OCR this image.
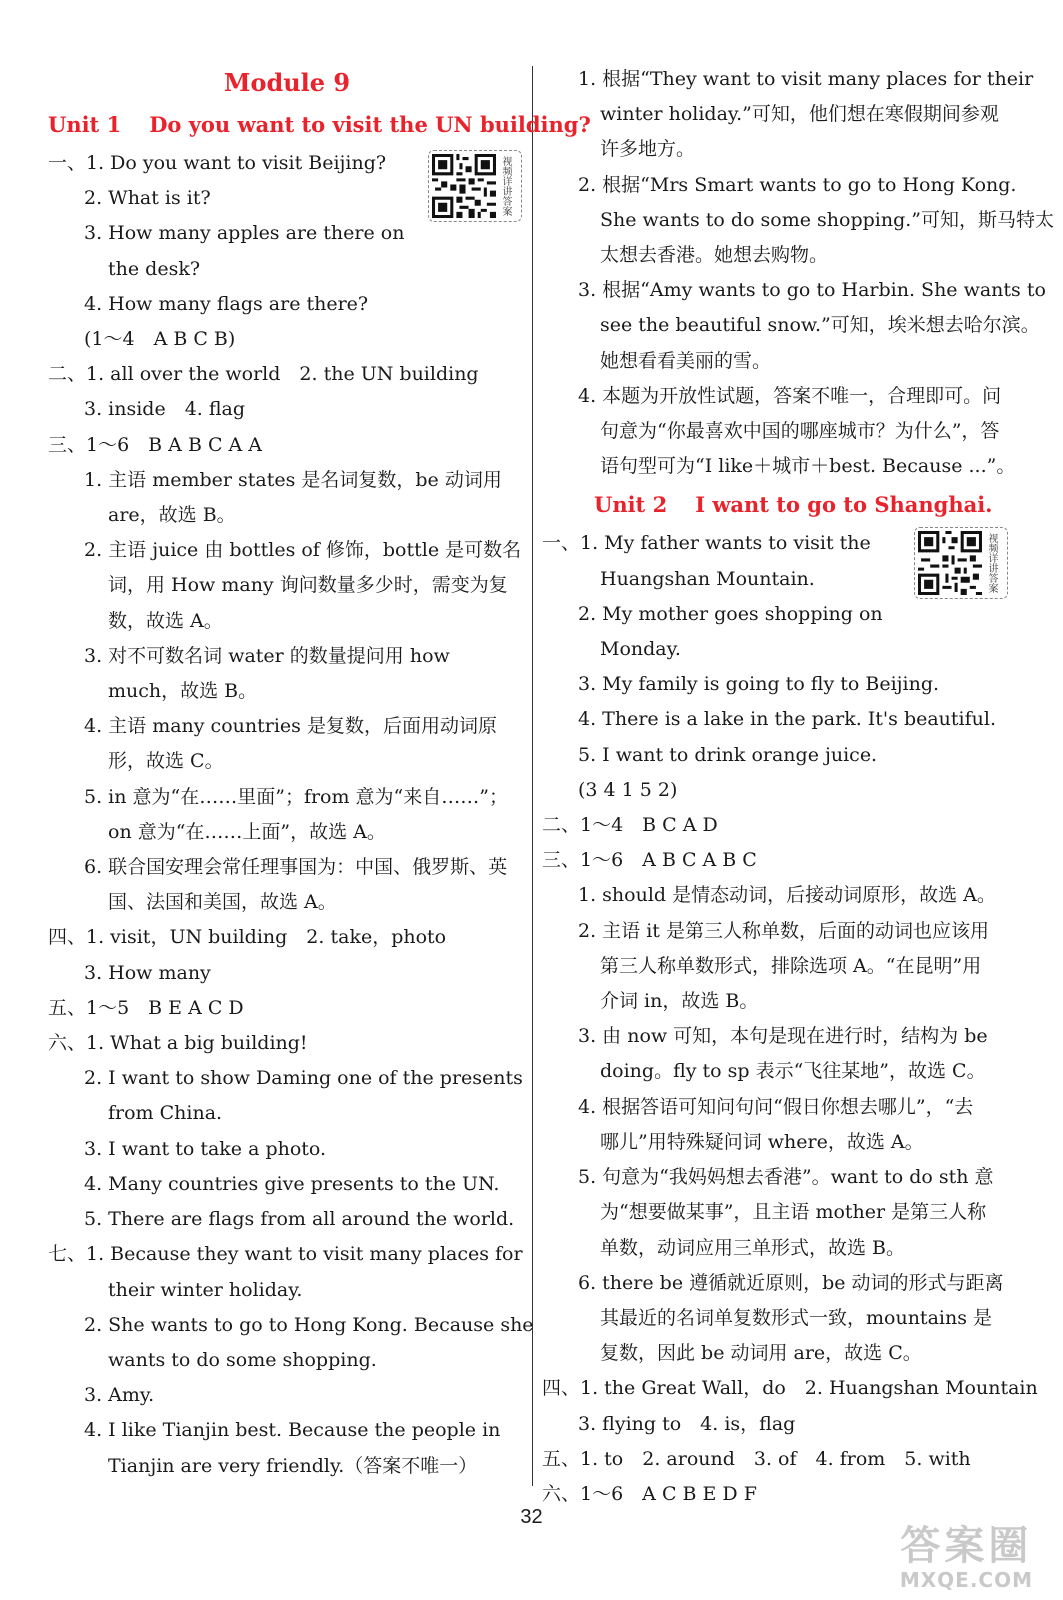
Module 9
Unit 1 Do you want to visit the UN building?
一、1. Do you want to visit Beijing?
2. What is it?
3. How many apples are there on
the desk?
4. How many flags are there?
(1～4　A B C B)
二、1. all over the world　2. the UN building
3. inside　4. flag
三、1～6　B A B C A A
1. 主语 member states 是名词复数，be 动词用
are，故选 B。
2. 主语 juice 由 bottles of 修饰，bottle 是可数名
词，用 How many 询问数量多少时，需变为复
数，故选 A。
3. 对不可数名词 water 的数量提问用 how
much，故选 B。
4. 主语 many countries 是复数，后面用动词原
形，故选 C。
5. in 意为“在……里面”；from 意为“来自……”；
on 意为“在……上面”，故选 A。
6. 联合国安理会常任理事国为：中国、俄罗斯、英
国、法国和美国，故选 A。
四、1. visit，UN building　2. take，photo
3. How many
五、1～5　B E A C D
六、1. What a big building!
2. I want to show Daming one of the presents
from China.
3. I want to take a photo.
4. Many countries give presents to the UN.
5. There are flags from all around the world.
七、1. Because they want to visit many places for
their winter holiday.
2. She wants to go to Hong Kong. Because she
wants to do some shopping.
3. Amy.
4. I like Tianjin best. Because the people in
Tianjin are very friendly.（答案不唯一）
视频详讲答案
1. 根据“They want to visit many places for their
winter holiday.”可知，他们想在寒假期间参观
许多地方。
2. 根据“Mrs Smart wants to go to Hong Kong.
She wants to do some shopping.”可知，斯马特太
太想去香港。她想去购物。
3. 根据“Amy wants to go to Harbin. She wants to
see the beautiful snow.”可知，埃米想去哈尔滨。
她想看看美丽的雪。
4. 本题为开放性试题，答案不唯一，合理即可。问
句意为“你最喜欢中国的哪座城市？为什么”，答
语句型可为“I like＋城市＋best. Because ...”。
Unit 2 I want to go to Shanghai.
一、1. My father wants to visit the
Huangshan Mountain.
2. My mother goes shopping on
Monday.
3. My family is going to fly to Beijing.
4. There is a lake in the park. It's beautiful.
5. I want to drink orange juice.
(3 4 1 5 2)
二、1～4　B C A D
三、1～6　A B C A B C
1. should 是情态动词，后接动词原形，故选 A。
2. 主语 it 是第三人称单数，后面的动词也应该用
第三人称单数形式，排除选项 A。“在昆明”用
介词 in，故选 B。
3. 由 now 可知，本句是现在进行时，结构为 be
doing。fly to sp 表示“飞往某地”，故选 C。
4. 根据答语可知问句问“假日你想去哪儿”，“去
哪儿”用特殊疑问词 where，故选 A。
5. 句意为“我妈妈想去香港”。want to do sth 意
为“想要做某事”，且主语 mother 是第三人称
单数，动词应用三单形式，故选 B。
6. there be 遵循就近原则，be 动词的形式与距离
其最近的名词单复数形式一致，mountains 是
复数，因此 be 动词用 are，故选 C。
四、1. the Great Wall，do　2. Huangshan Mountain
3. flying to　4. is，flag
五、1. to　2. around　3. of　4. from　5. with
六、1～6　A C B E D F
视频详讲答案
32
答案圈
MXQE.COM
